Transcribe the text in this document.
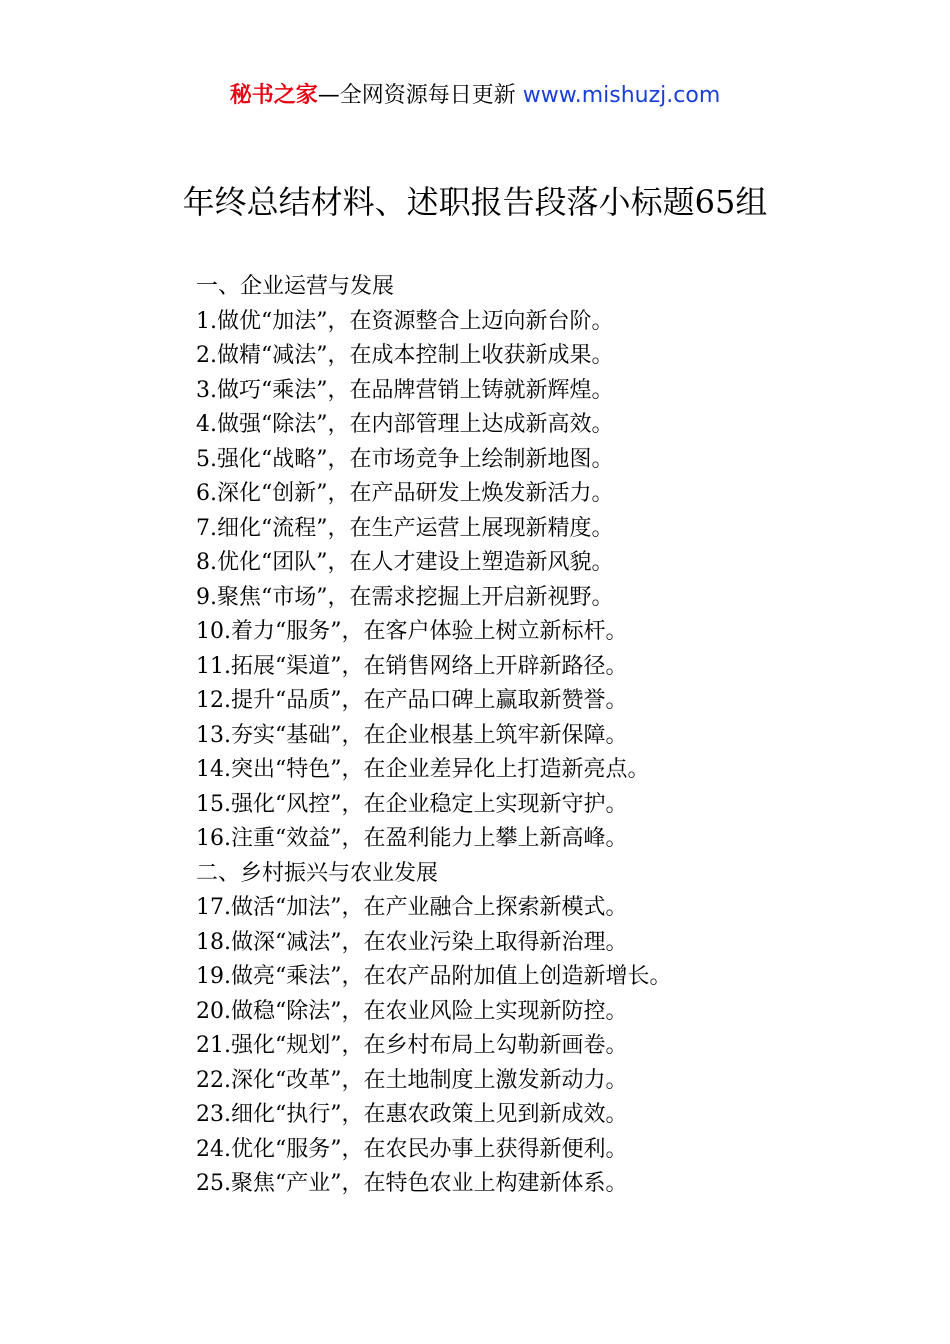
秘书之家—全网资源每日更新 www.mishuzj.com
年终总结材料、述职报告段落小标题65组
一、企业运营与发展
1.做优“加法”，在资源整合上迈向新台阶。
2.做精“减法”，在成本控制上收获新成果。
3.做巧“乘法”，在品牌营销上铸就新辉煌。
4.做强“除法”，在内部管理上达成新高效。
5.强化“战略”，在市场竞争上绘制新地图。
6.深化“创新”，在产品研发上焕发新活力。
7.细化“流程”，在生产运营上展现新精度。
8.优化“团队”，在人才建设上塑造新风貌。
9.聚焦“市场”，在需求挖掘上开启新视野。
10.着力“服务”，在客户体验上树立新标杆。
11.拓展“渠道”，在销售网络上开辟新路径。
12.提升“品质”，在产品口碑上赢取新赞誉。
13.夯实“基础”，在企业根基上筑牢新保障。
14.突出“特色”，在企业差异化上打造新亮点。
15.强化“风控”，在企业稳定上实现新守护。
16.注重“效益”，在盈利能力上攀上新高峰。
二、乡村振兴与农业发展
17.做活“加法”，在产业融合上探索新模式。
18.做深“减法”，在农业污染上取得新治理。
19.做亮“乘法”，在农产品附加值上创造新增长。
20.做稳“除法”，在农业风险上实现新防控。
21.强化“规划”，在乡村布局上勾勒新画卷。
22.深化“改革”，在土地制度上激发新动力。
23.细化“执行”，在惠农政策上见到新成效。
24.优化“服务”，在农民办事上获得新便利。
25.聚焦“产业”，在特色农业上构建新体系。
